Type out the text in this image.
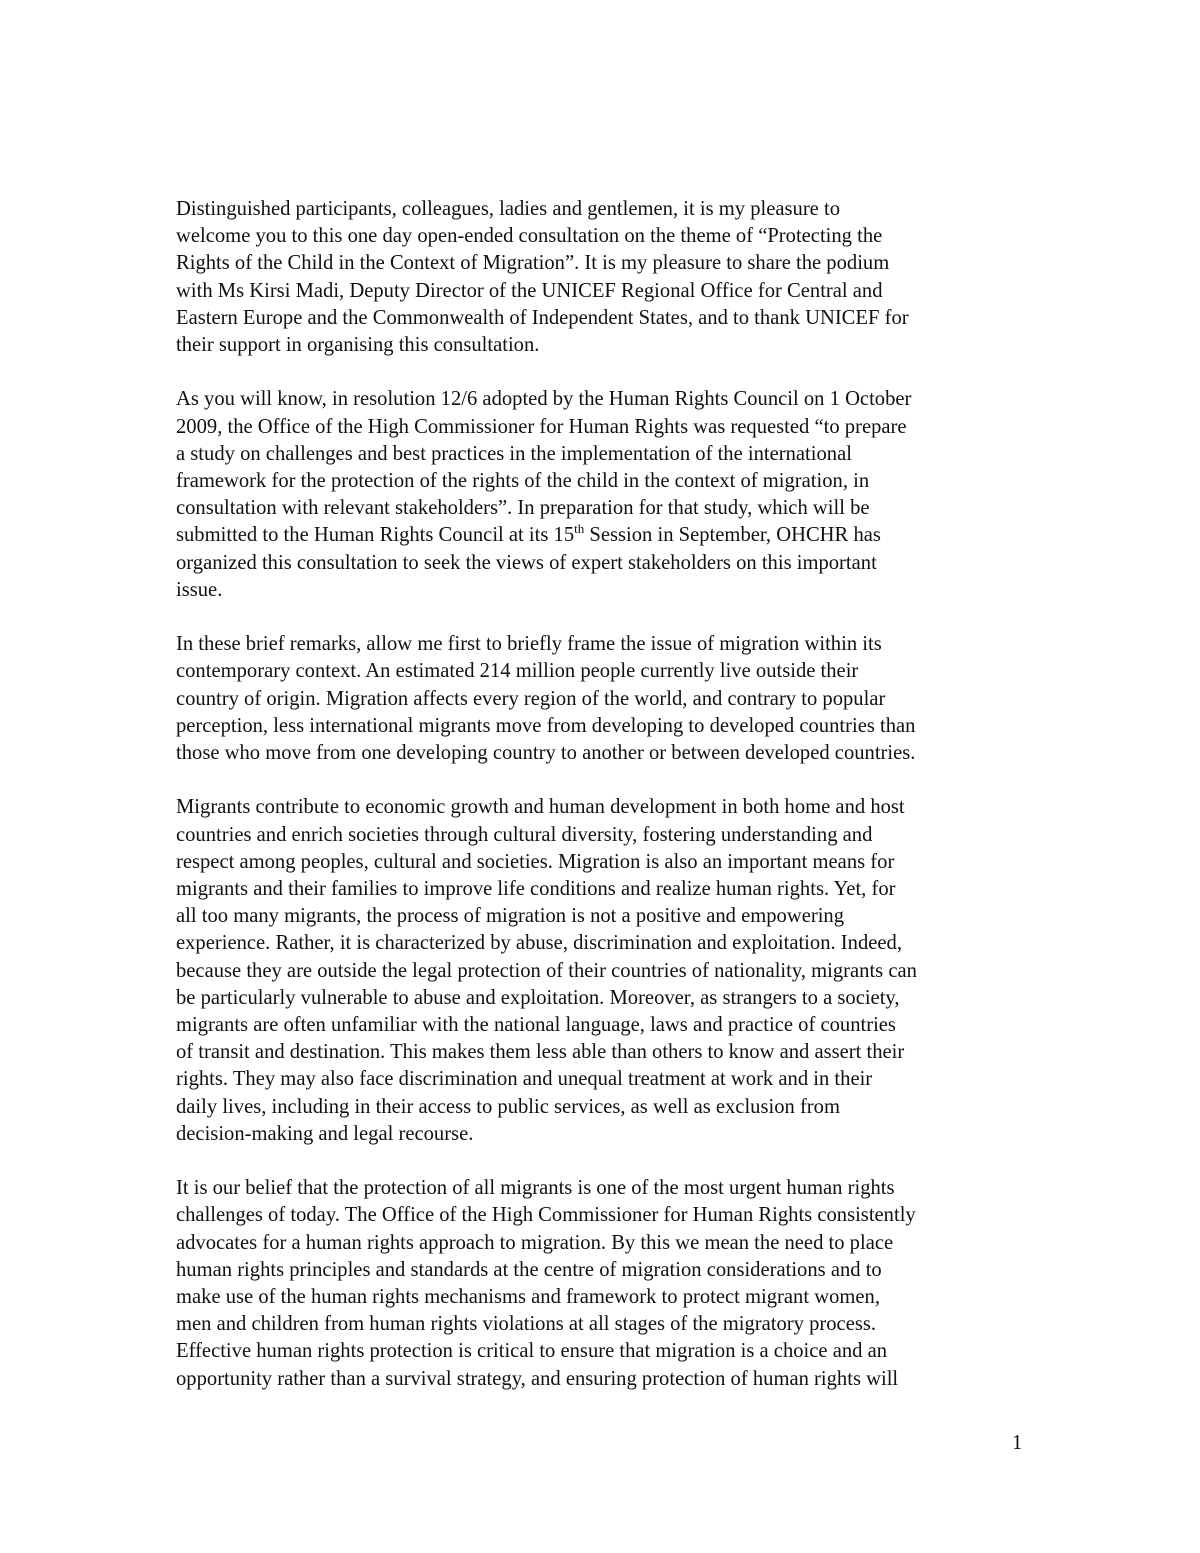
Distinguished participants, colleagues, ladies and gentlemen, it is my pleasure to
welcome you to this one day open-ended consultation on the theme of “Protecting the
Rights of the Child in the Context of Migration”. It is my pleasure to share the podium
with Ms Kirsi Madi, Deputy Director of the UNICEF Regional Office for Central and
Eastern Europe and the Commonwealth of Independent States, and to thank UNICEF for
their support in organising this consultation.

As you will know, in resolution 12/6 adopted by the Human Rights Council on 1 October
2009, the Office of the High Commissioner for Human Rights was requested “to prepare
a study on challenges and best practices in the implementation of the international
framework for the protection of the rights of the child in the context of migration, in
consultation with relevant stakeholders”. In preparation for that study, which will be
submitted to the Human Rights Council at its 15th Session in September, OHCHR has
organized this consultation to seek the views of expert stakeholders on this important
issue.

In these brief remarks, allow me first to briefly frame the issue of migration within its
contemporary context. An estimated 214 million people currently live outside their
country of origin. Migration affects every region of the world, and contrary to popular
perception, less international migrants move from developing to developed countries than
those who move from one developing country to another or between developed countries.

Migrants contribute to economic growth and human development in both home and host
countries and enrich societies through cultural diversity, fostering understanding and
respect among peoples, cultural and societies. Migration is also an important means for
migrants and their families to improve life conditions and realize human rights. Yet, for
all too many migrants, the process of migration is not a positive and empowering
experience. Rather, it is characterized by abuse, discrimination and exploitation. Indeed,
because they are outside the legal protection of their countries of nationality, migrants can
be particularly vulnerable to abuse and exploitation. Moreover, as strangers to a society,
migrants are often unfamiliar with the national language, laws and practice of countries
of transit and destination. This makes them less able than others to know and assert their
rights. They may also face discrimination and unequal treatment at work and in their
daily lives, including in their access to public services, as well as exclusion from
decision-making and legal recourse.

It is our belief that the protection of all migrants is one of the most urgent human rights
challenges of today. The Office of the High Commissioner for Human Rights consistently
advocates for a human rights approach to migration. By this we mean the need to place
human rights principles and standards at the centre of migration considerations and to
make use of the human rights mechanisms and framework to protect migrant women,
men and children from human rights violations at all stages of the migratory process.
Effective human rights protection is critical to ensure that migration is a choice and an
opportunity rather than a survival strategy, and ensuring protection of human rights will

1
